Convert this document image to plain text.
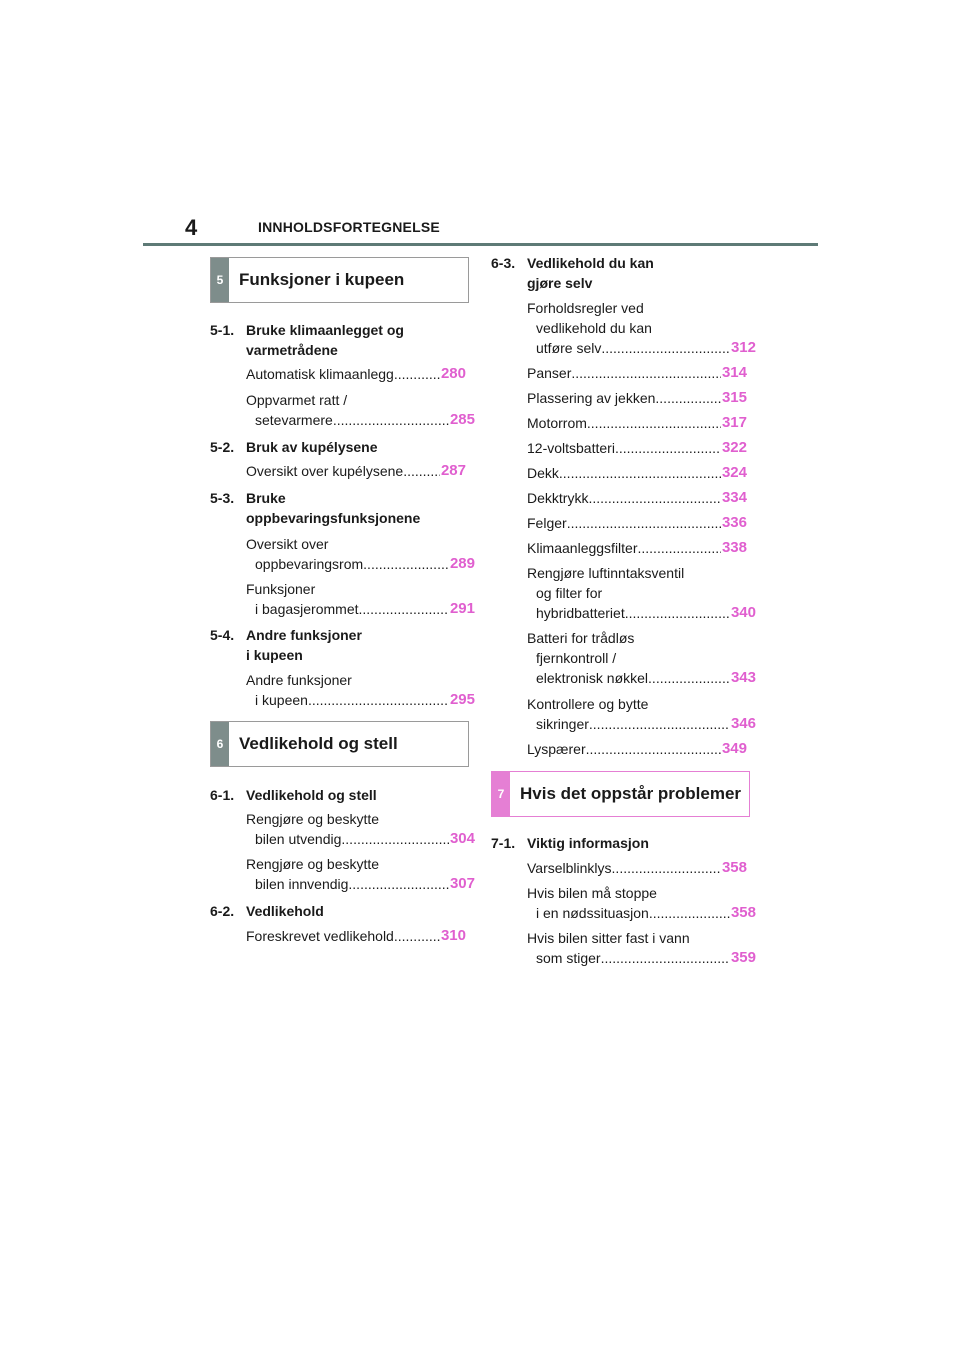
4	INNHOLDSFORTEGNELSE
5 Funksjoner i kupeen
5-1. Bruke klimaanlegget og
varmetrådene
Automatisk klimaanlegg .....	280
Oppvarmet ratt /
setevarmere .....	285
5-2. Bruk av kupélysene
Oversikt over kupélysene .....	287
5-3. Bruke
oppbevaringsfunksjonene
Oversikt over
oppbevaringsrom .....	289
Funksjoner
i bagasjerommet .....	291
5-4. Andre funksjoner
i kupeen
Andre funksjoner
i kupeen .....	295
6 Vedlikehold og stell
6-1. Vedlikehold og stell
Rengjøre og beskytte
bilen utvendig .....	304
Rengjøre og beskytte
bilen innvendig .....	307
6-2. Vedlikehold
Foreskrevet vedlikehold .....	310
6-3. Vedlikehold du kan
gjøre selv
Forholdsregler ved
vedlikehold du kan
utføre selv .....	312
Panser .....	314
Plassering av jekken .....	315
Motorrom .....	317
12-voltsbatteri .....	322
Dekk .....	324
Dekktrykk .....	334
Felger .....	336
Klimaanleggsfilter .....	338
Rengjøre luftinntaksventil
og filter for
hybridbatteriet .....	340
Batteri for trådløs
fjernkontroll /
elektronisk nøkkel .....	343
Kontrollere og bytte
sikringer .....	346
Lyspærer .....	349
7 Hvis det oppstår problemer
7-1. Viktig informasjon
Varselblinklys .....	358
Hvis bilen må stoppe
i en nødssituasjon .....	358
Hvis bilen sitter fast i vann
som stiger .....	359
